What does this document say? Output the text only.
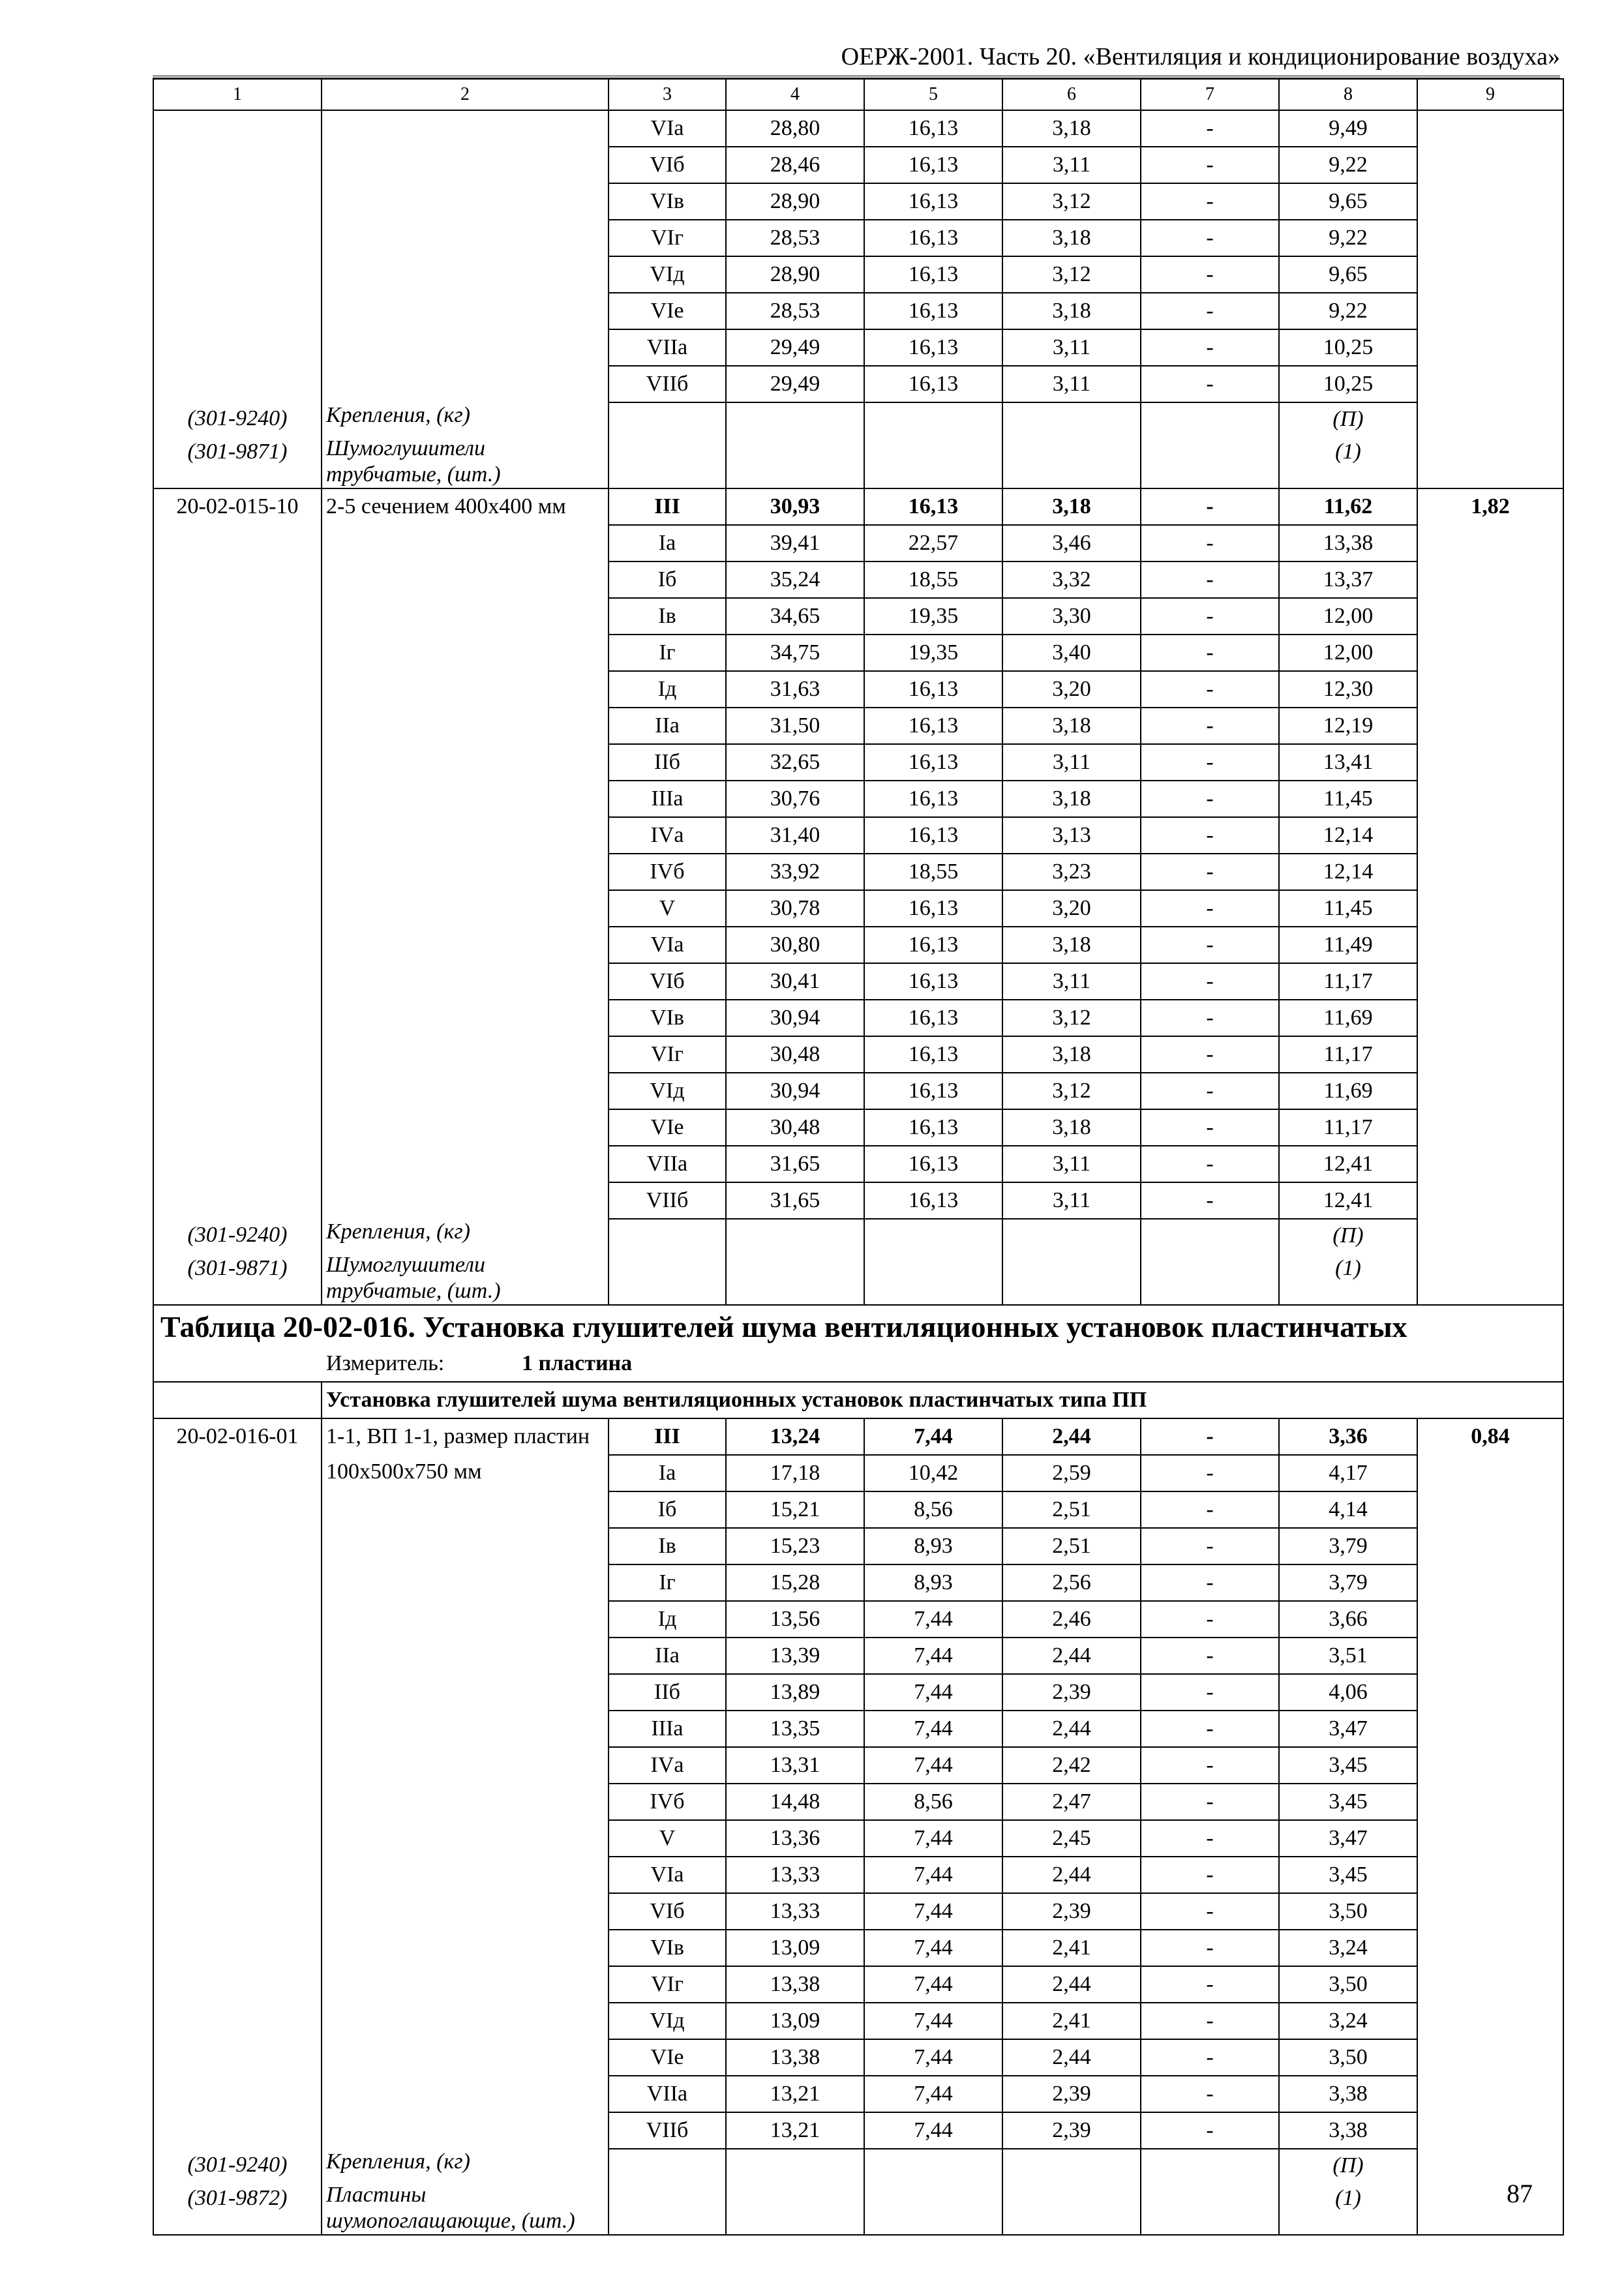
ОЕРЖ-2001. Часть 20. «Вентиляция и кондиционирование воздуха»
1	2	3	4	5	6	7	8	9
		VIа	28,80	16,13	3,18	-	9,49	
		VIб	28,46	16,13	3,11	-	9,22	
		VIв	28,90	16,13	3,12	-	9,65	
		VIг	28,53	16,13	3,18	-	9,22	
		VIд	28,90	16,13	3,12	-	9,65	
		VIе	28,53	16,13	3,18	-	9,22	
		VIIа	29,49	16,13	3,11	-	10,25	
		VIIб	29,49	16,13	3,11	-	10,25	
(301-9240)	Крепления, (кг)						(П)	
(301-9871)	Шумоглушители трубчатые, (шт.)						(1)	
20-02-015-10	2-5 сечением 400х400 мм	III	30,93	16,13	3,18	-	11,62	1,82
		Iа	39,41	22,57	3,46	-	13,38	
		Iб	35,24	18,55	3,32	-	13,37	
		Iв	34,65	19,35	3,30	-	12,00	
		Iг	34,75	19,35	3,40	-	12,00	
		Iд	31,63	16,13	3,20	-	12,30	
		IIа	31,50	16,13	3,18	-	12,19	
		IIб	32,65	16,13	3,11	-	13,41	
		IIIа	30,76	16,13	3,18	-	11,45	
		IVа	31,40	16,13	3,13	-	12,14	
		IVб	33,92	18,55	3,23	-	12,14	
		V	30,78	16,13	3,20	-	11,45	
		VIа	30,80	16,13	3,18	-	11,49	
		VIб	30,41	16,13	3,11	-	11,17	
		VIв	30,94	16,13	3,12	-	11,69	
		VIг	30,48	16,13	3,18	-	11,17	
		VIд	30,94	16,13	3,12	-	11,69	
		VIе	30,48	16,13	3,18	-	11,17	
		VIIа	31,65	16,13	3,11	-	12,41	
		VIIб	31,65	16,13	3,11	-	12,41	
(301-9240)	Крепления, (кг)						(П)	
(301-9871)	Шумоглушители трубчатые, (шт.)						(1)	
Таблица 20-02-016. Установка глушителей шума вентиляционных установок пластинчатых								
Измеритель: 1 пластина								
	Установка глушителей шума вентиляционных установок пластинчатых типа ПП							
20-02-016-01	1-1, ВП 1-1, размер пластин 100х500х750 мм	III	13,24	7,44	2,44	-	3,36	0,84
		Iа	17,18	10,42	2,59	-	4,17	
		Iб	15,21	8,56	2,51	-	4,14	
		Iв	15,23	8,93	2,51	-	3,79	
		Iг	15,28	8,93	2,56	-	3,79	
		Iд	13,56	7,44	2,46	-	3,66	
		IIа	13,39	7,44	2,44	-	3,51	
		IIб	13,89	7,44	2,39	-	4,06	
		IIIа	13,35	7,44	2,44	-	3,47	
		IVа	13,31	7,44	2,42	-	3,45	
		IVб	14,48	8,56	2,47	-	3,45	
		V	13,36	7,44	2,45	-	3,47	
		VIа	13,33	7,44	2,44	-	3,45	
		VIб	13,33	7,44	2,39	-	3,50	
		VIв	13,09	7,44	2,41	-	3,24	
		VIг	13,38	7,44	2,44	-	3,50	
		VIд	13,09	7,44	2,41	-	3,24	
		VIе	13,38	7,44	2,44	-	3,50	
		VIIа	13,21	7,44	2,39	-	3,38	
		VIIб	13,21	7,44	2,39	-	3,38	
(301-9240)	Крепления, (кг)						(П)	
(301-9872)	Пластины шумопоглащающие, (шт.)						(1)		87
